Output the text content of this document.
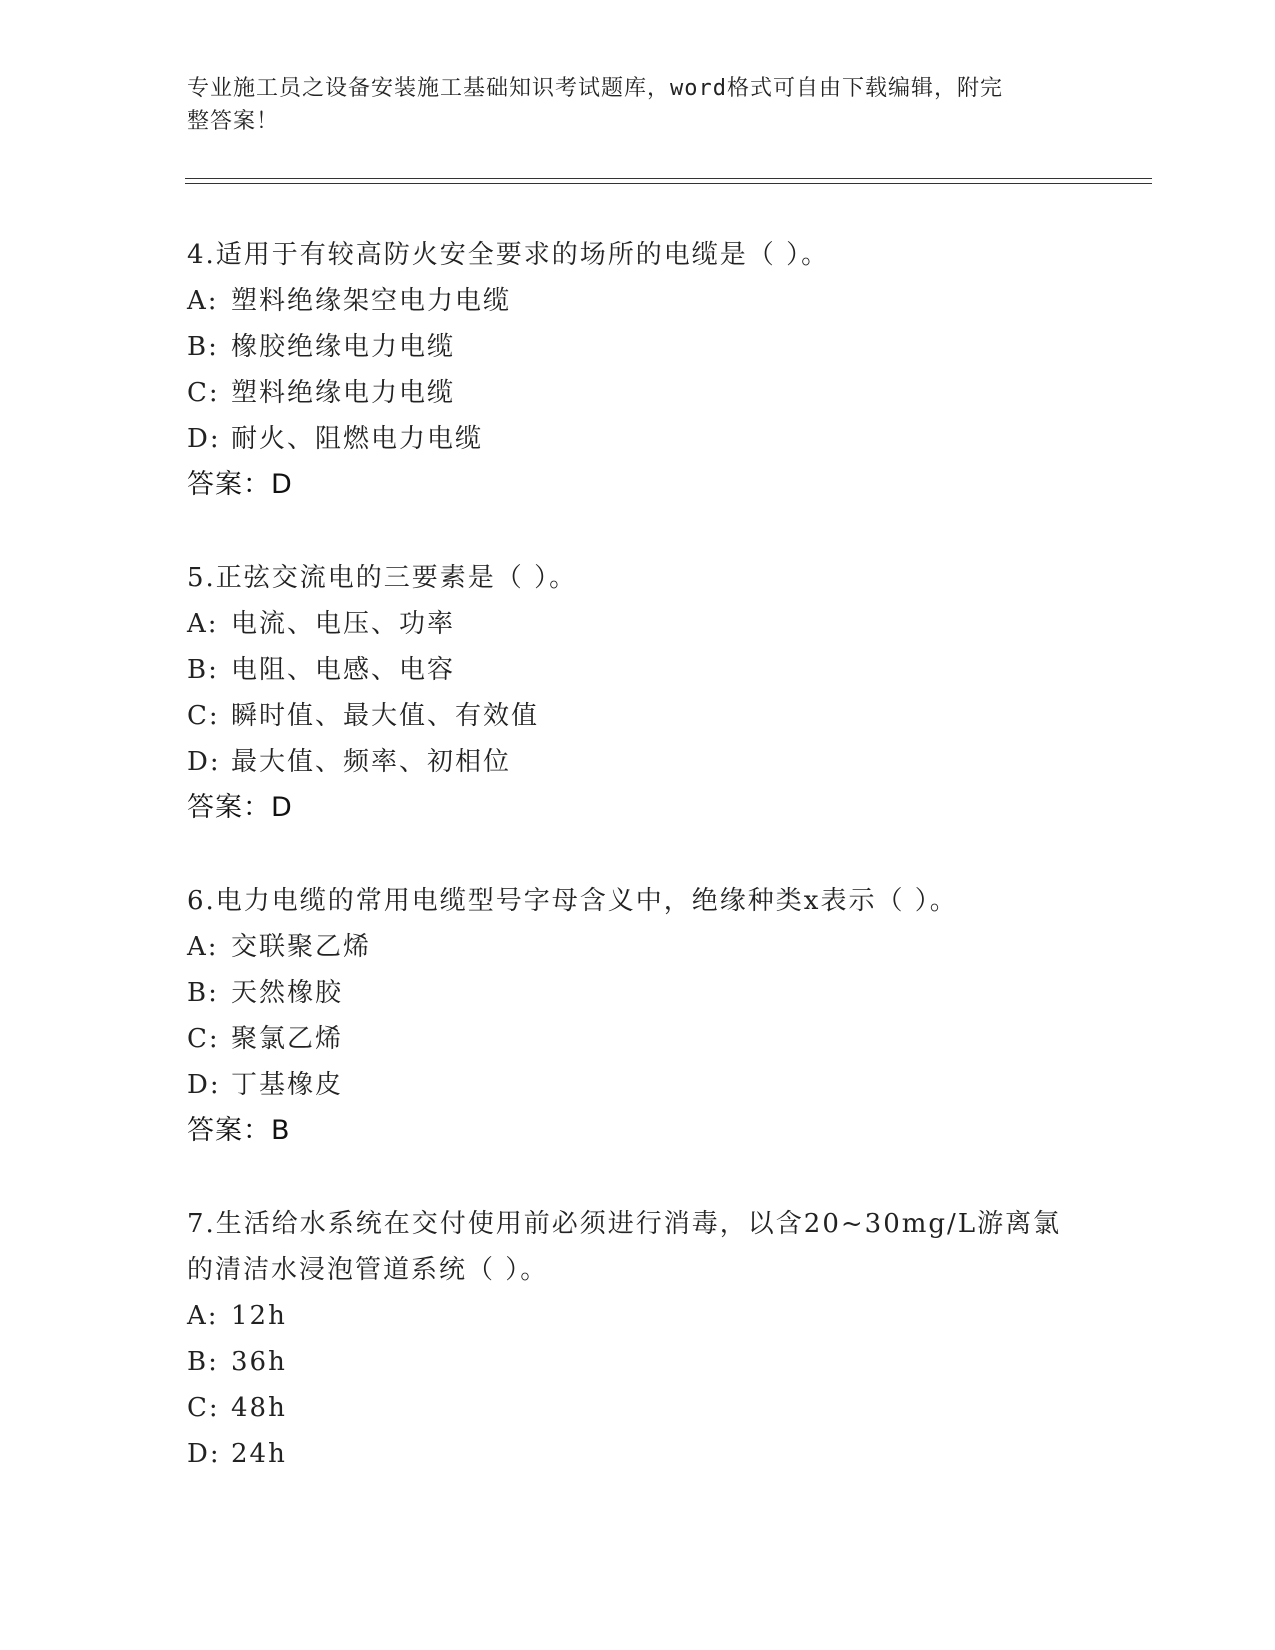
专业施工员之设备安装施工基础知识考试题库，word格式可自由下载编辑，附完
整答案！
4.适用于有较高防火安全要求的场所的电缆是（ ）。
A: 塑料绝缘架空电力电缆
B: 橡胶绝缘电力电缆
C: 塑料绝缘电力电缆
D: 耐火、阻燃电力电缆
答案：D
5.正弦交流电的三要素是（ ）。
A: 电流、电压、功率
B: 电阻、电感、电容
C: 瞬时值、最大值、有效值
D: 最大值、频率、初相位
答案：D
6.电力电缆的常用电缆型号字母含义中，绝缘种类x表示（ ）。
A: 交联聚乙烯
B: 天然橡胶
C: 聚氯乙烯
D: 丁基橡皮
答案：B
7.生活给水系统在交付使用前必须进行消毒，以含20~30mg/L游离氯
的清洁水浸泡管道系统（ ）。
A: 12h
B: 36h
C: 48h
D: 24h
